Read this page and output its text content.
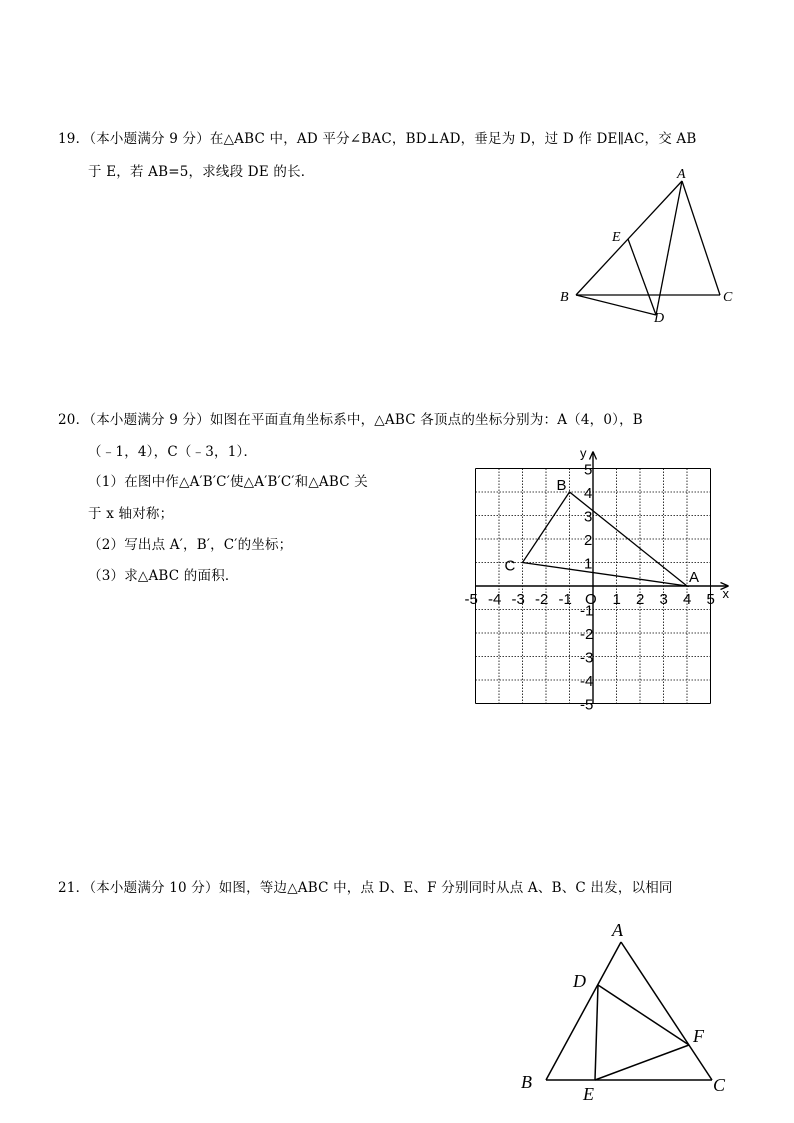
19．（本小题满分 9 分）在△ABC 中，AD 平分∠BAC，BD⊥AD，垂足为 D，过 D 作 DE∥AC，交 AB
于 E，若 AB=5，求线段 DE 的长．	A
B	C
D
E
20．（本小题满分 9 分）如图在平面直角坐标系中，△ABC 各顶点的坐标分别为：A（4，0），B
（﹣1，4），C（﹣3，1）．
（1）在图中作△A′B′C′使△A′B′C′和△ABC 关
于 x 轴对称；
（2）写出点 A′，B′，C′的坐标；
（3）求△ABC 的面积．
x
y
O
-5 -4 -3 -2 -1	1 2 3 4 5
1
2
3
4
5
-1
-2
-3
-4
-5
A
B
C
21．（本小题满分 10 分）如图，等边△ABC 中，点 D、E、F 分别同时从点 A、B、C 出发，以相同
A
B	C
D
E
F
